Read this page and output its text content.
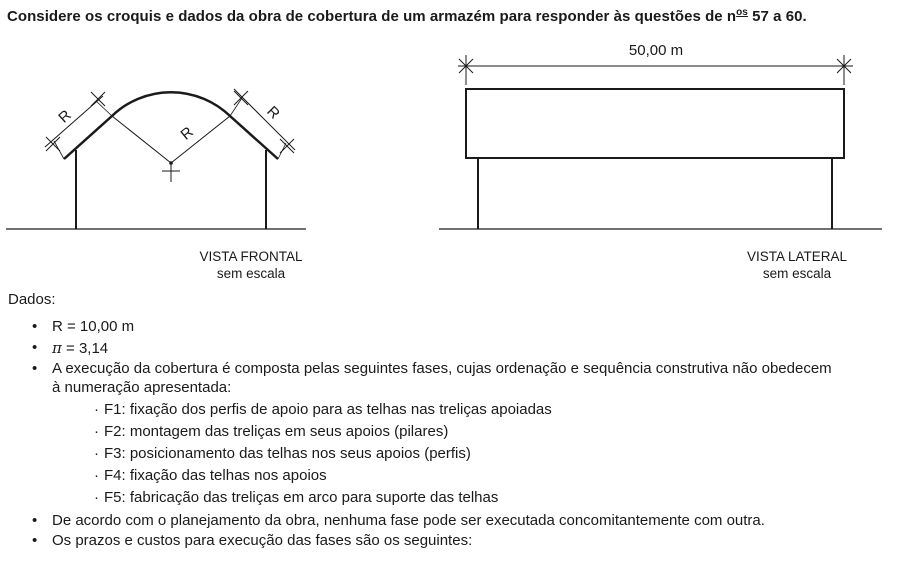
Considere os croquis e dados da obra de cobertura de um armazém para responder às questões de $n^{os}$ 57 a 60.
R
R
R
50,00 m
VISTA FRONTAL
sem escala
VISTA LATERAL
sem escala
Dados:
• R = 10,00 m
• π = 3,14
• A execução da cobertura é composta pelas seguintes fases, cujas ordenação e sequência construtiva não obedecem
à numeração apresentada:
· F1: fixação dos perfis de apoio para as telhas nas treliças apoiadas
· F2: montagem das treliças em seus apoios (pilares)
· F3: posicionamento das telhas nos seus apoios (perfis)
· F4: fixação das telhas nos apoios
· F5: fabricação das treliças em arco para suporte das telhas
• De acordo com o planejamento da obra, nenhuma fase pode ser executada concomitantemente com outra.
• Os prazos e custos para execução das fases são os seguintes:
